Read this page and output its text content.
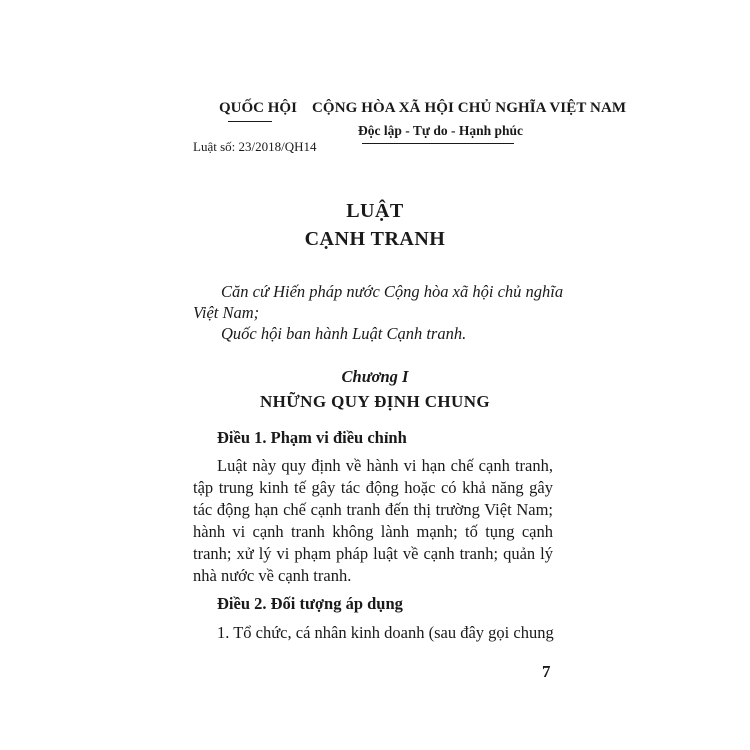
QUỐC HỘI CỘNG HÒA XÃ HỘI CHỦ NGHĨA VIỆT NAM
Độc lập - Tự do - Hạnh phúc
Luật số: 23/2018/QH14
LUẬT
CẠNH TRANH
Căn cứ Hiến pháp nước Cộng hòa xã hội chủ nghĩa
Việt Nam;
Quốc hội ban hành Luật Cạnh tranh.
Chương I
NHỮNG QUY ĐỊNH CHUNG
Điều 1. Phạm vi điều chỉnh
Luật này quy định về hành vi hạn chế cạnh tranh,
tập trung kinh tế gây tác động hoặc có khả năng gây
tác động hạn chế cạnh tranh đến thị trường Việt Nam;
hành vi cạnh tranh không lành mạnh; tố tụng cạnh
tranh; xử lý vi phạm pháp luật về cạnh tranh; quản lý
nhà nước về cạnh tranh.
Điều 2. Đối tượng áp dụng
1. Tổ chức, cá nhân kinh doanh (sau đây gọi chung
7
